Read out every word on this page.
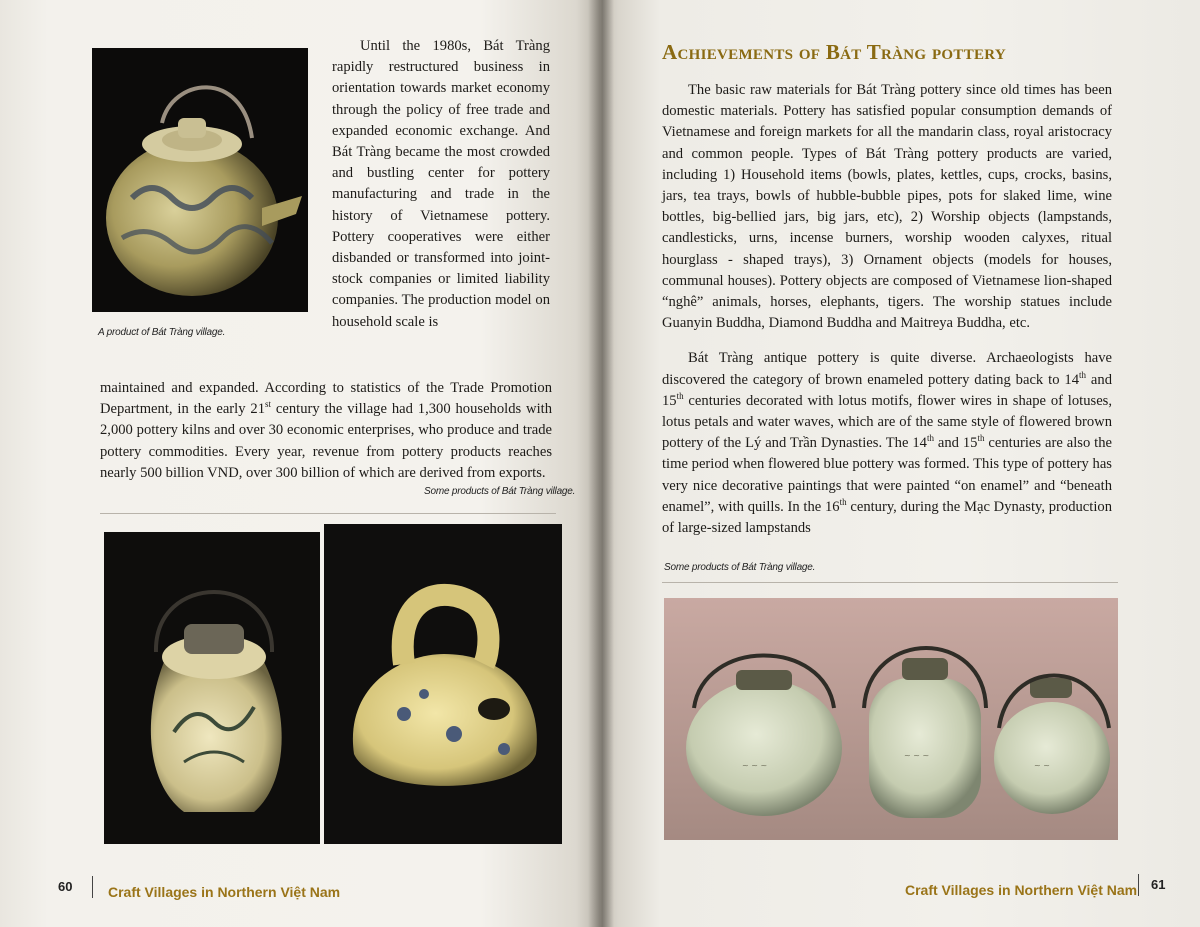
A product of Bát Tràng village.

Until the 1980s, Bát Tràng rapidly restructured business in orientation towards market economy through the policy of free trade and expanded economic exchange. And Bát Tràng became the most crowded and bustling center for pottery manufacturing and trade in the history of Vietnamese pottery. Pottery cooperatives were either disbanded or transformed into joint-stock companies or limited liability companies. The production model on household scale is

maintained and expanded. According to statistics of the Trade Promotion Department, in the early 21st century the village had 1,300 households with 2,000 pottery kilns and over 30 economic enterprises, who produce and trade pottery commodities. Every year, revenue from pottery products reaches nearly 500 billion VND, over 300 billion of which are derived from exports.

Some products of Bát Tràng village.
60	Craft Villages in Northern Việt Nam
Achievements of Bát Tràng pottery

The basic raw materials for Bát Tràng pottery since old times has been domestic materials. Pottery has satisfied popular consumption demands of Vietnamese and foreign markets for all the mandarin class, royal aristocracy and common people. Types of Bát Tràng pottery products are varied, including 1) Household items (bowls, plates, kettles, cups, crocks, basins, jars, tea trays, bowls of hubble-bubble pipes, pots for slaked lime, wine bottles, big-bellied jars, big jars, etc), 2) Worship objects (lampstands, candlesticks, urns, incense burners, worship wooden calyxes, ritual hourglass - shaped trays), 3) Ornament objects (models for houses, communal houses). Pottery objects are composed of Vietnamese lion-shaped “nghê” animals, horses, elephants, tigers. The worship statues include Guanyin Buddha, Diamond Buddha and Maitreya Buddha, etc.

Bát Tràng antique pottery is quite diverse. Archaeologists have discovered the category of brown enameled pottery dating back to 14th and 15th centuries decorated with lotus motifs, flower wires in shape of lotuses, lotus petals and water waves, which are of the same style of flowered brown pottery of the Lý and Trần Dynasties. The 14th and 15th centuries are also the time period when flowered blue pottery was formed. This type of pottery has very nice decorative paintings that were painted “on enamel” and “beneath enamel”, with quills. In the 16th century, during the Mạc Dynasty, production of large-sized lampstands

Some products of Bát Tràng village.
~ ~ ~
~ ~ ~
~ ~
Craft Villages in Northern Việt Nam 61
